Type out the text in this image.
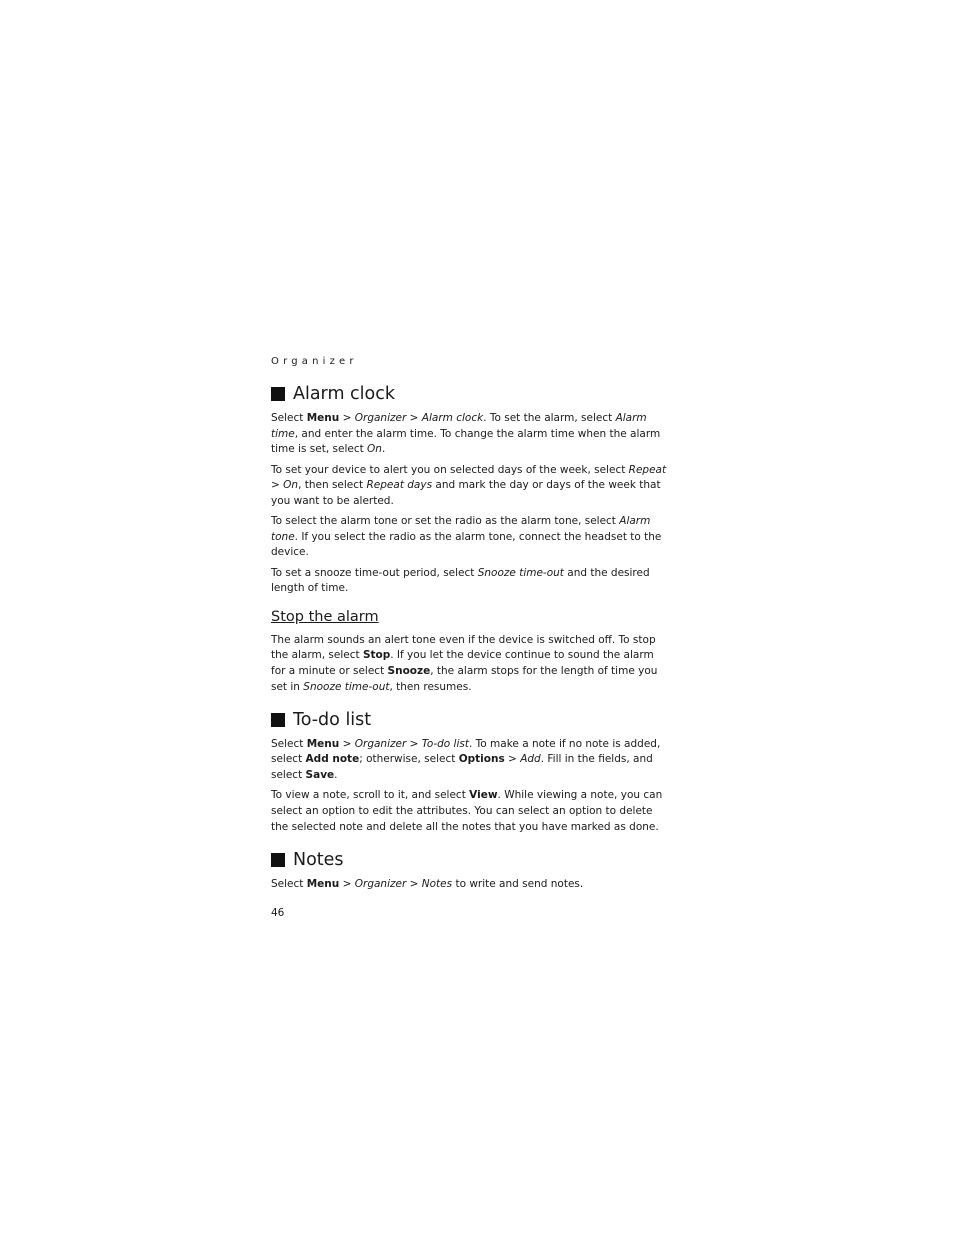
Organizer
Alarm clock

Select Menu > Organizer > Alarm clock. To set the alarm, select Alarm time, and enter the alarm time. To change the alarm time when the alarm time is set, select On.

To set your device to alert you on selected days of the week, select Repeat > On, then select Repeat days and mark the day or days of the week that you want to be alerted.

To select the alarm tone or set the radio as the alarm tone, select Alarm tone. If you select the radio as the alarm tone, connect the headset to the device.

To set a snooze time-out period, select Snooze time-out and the desired length of time.

Stop the alarm

The alarm sounds an alert tone even if the device is switched off. To stop the alarm, select Stop. If you let the device continue to sound the alarm for a minute or select Snooze, the alarm stops for the length of time you set in Snooze time-out, then resumes.

To-do list

Select Menu > Organizer > To-do list. To make a note if no note is added, select Add note; otherwise, select Options > Add. Fill in the fields, and select Save.

To view a note, scroll to it, and select View. While viewing a note, you can select an option to edit the attributes. You can select an option to delete the selected note and delete all the notes that you have marked as done.

Notes

Select Menu > Organizer > Notes to write and send notes.

46
